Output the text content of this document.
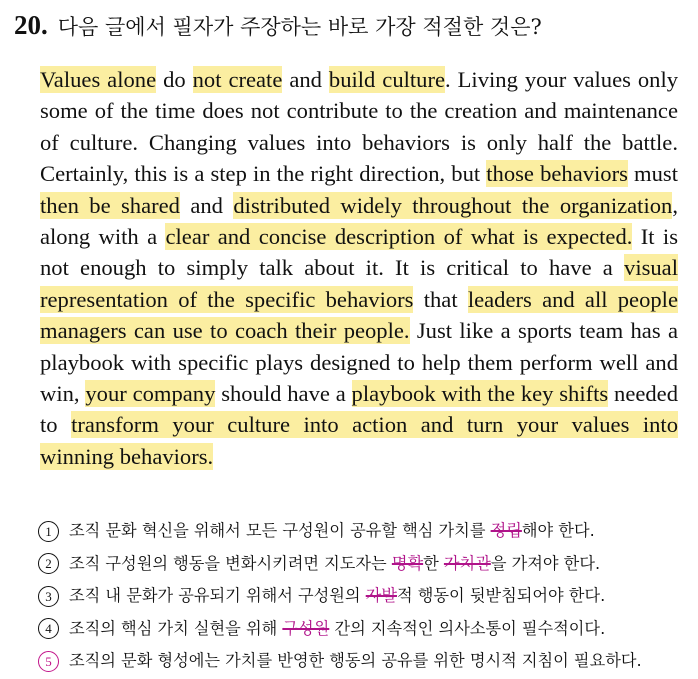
20. 다음 글에서 필자가 주장하는 바로 가장 적절한 것은?
Values alone do not create and build culture. Living your values only some of the time does not contribute to the creation and maintenance of culture. Changing values into behaviors is only half the battle. Certainly, this is a step in the right direction, but those behaviors must then be shared and distributed widely throughout the organization, along with a clear and concise description of what is expected. It is not enough to simply talk about it. It is critical to have a visual representation of the specific behaviors that leaders and all people managers can use to coach their people. Just like a sports team has a playbook with specific plays designed to help them perform well and win, your company should have a playbook with the key shifts needed to transform your culture into action and turn your values into winning behaviors.
1	조직 문화 혁신을 위해서 모든 구성원이 공유할 핵심 가치를 정립해야 한다.
2	조직 구성원의 행동을 변화시키려면 지도자는 명확한 가치관을 가져야 한다.
3	조직 내 문화가 공유되기 위해서 구성원의 자발적 행동이 뒷받침되어야 한다.
4	조직의 핵심 가치 실현을 위해 구성원 간의 지속적인 의사소통이 필수적이다.
5	조직의 문화 형성에는 가치를 반영한 행동의 공유를 위한 명시적 지침이 필요하다.
